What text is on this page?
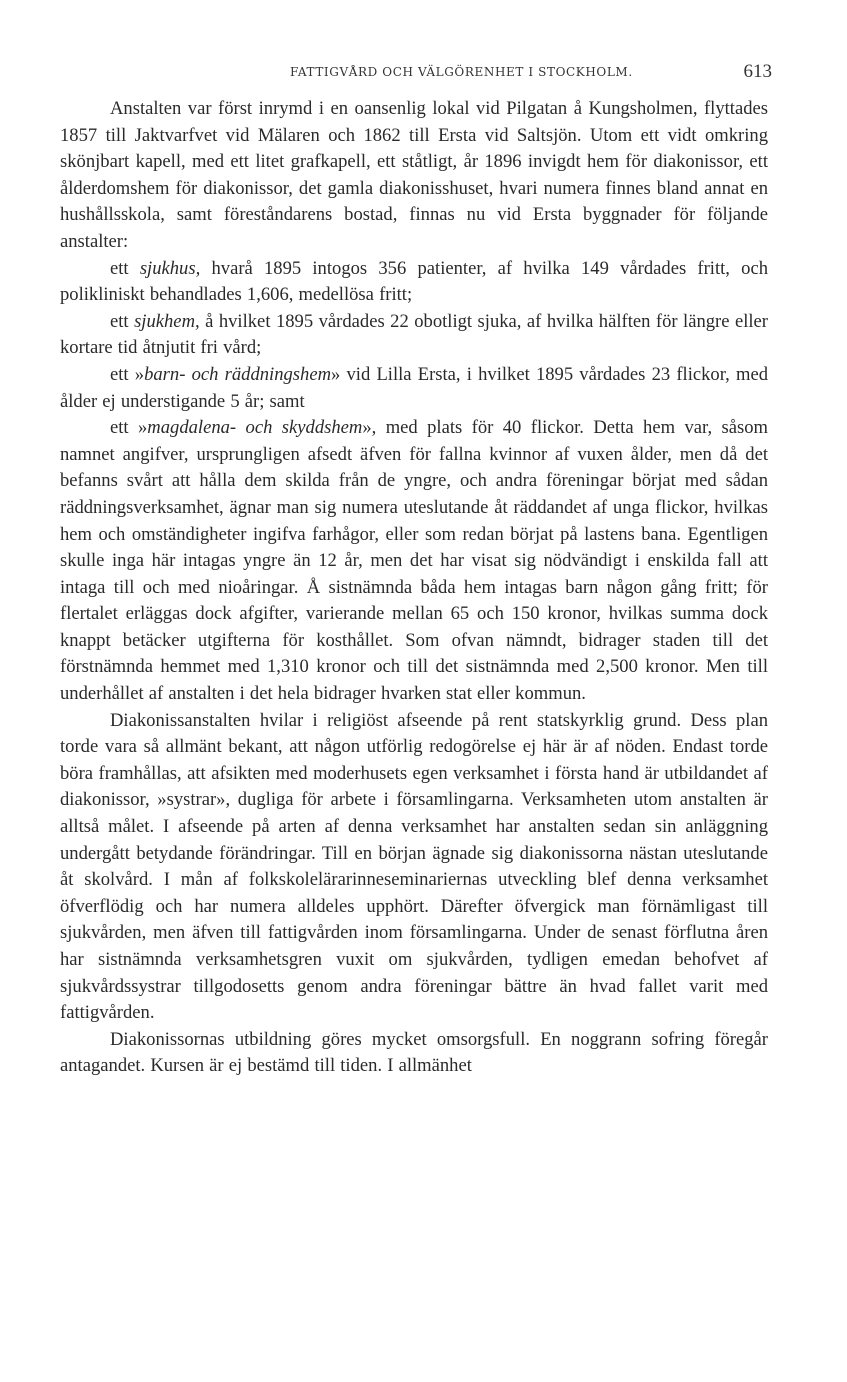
FATTIGVÅRD OCH VÄLGÖRENHET I STOCKHOLM.	613

Anstalten var först inrymd i en oansenlig lokal vid Pilgatan å Kungsholmen, flyttades 1857 till Jaktvarfvet vid Mälaren och 1862 till Ersta vid Saltsjön. Utom ett vidt omkring skönjbart kapell, med ett litet grafkapell, ett ståtligt, år 1896 invigdt hem för diakonissor, ett ålderdomshem för diakonissor, det gamla diakonisshuset, hvari numera finnes bland annat en hushållsskola, samt föreståndarens bostad, finnas nu vid Ersta byggnader för följande anstalter:

ett sjukhus, hvarå 1895 intogos 356 patienter, af hvilka 149 vårdades fritt, och polikliniskt behandlades 1,606, medellösa fritt;

ett sjukhem, å hvilket 1895 vårdades 22 obotligt sjuka, af hvilka hälften för längre eller kortare tid åtnjutit fri vård;

ett »barn- och räddningshem» vid Lilla Ersta, i hvilket 1895 vårdades 23 flickor, med ålder ej understigande 5 år; samt

ett »magdalena- och skyddshem», med plats för 40 flickor. Detta hem var, såsom namnet angifver, ursprungligen afsedt äfven för fallna kvinnor af vuxen ålder, men då det befanns svårt att hålla dem skilda från de yngre, och andra föreningar börjat med sådan räddningsverksamhet, ägnar man sig numera uteslutande åt räddandet af unga flickor, hvilkas hem och omständigheter ingifva farhågor, eller som redan börjat på lastens bana. Egentligen skulle inga här intagas yngre än 12 år, men det har visat sig nödvändigt i enskilda fall att intaga till och med nioåringar. Å sistnämnda båda hem intagas barn någon gång fritt; för flertalet erläggas dock afgifter, varierande mellan 65 och 150 kronor, hvilkas summa dock knappt betäcker utgifterna för kosthållet. Som ofvan nämndt, bidrager staden till det förstnämnda hemmet med 1,310 kronor och till det sistnämnda med 2,500 kronor. Men till underhållet af anstalten i det hela bidrager hvarken stat eller kommun.

Diakonissanstalten hvilar i religiöst afseende på rent statskyrklig grund. Dess plan torde vara så allmänt bekant, att någon utförlig redogörelse ej här är af nöden. Endast torde böra framhållas, att afsikten med moderhusets egen verksamhet i första hand är utbildandet af diakonissor, »systrar», dugliga för arbete i församlingarna. Verksamheten utom anstalten är alltså målet. I afseende på arten af denna verksamhet har anstalten sedan sin anläggning undergått betydande förändringar. Till en början ägnade sig diakonissorna nästan uteslutande åt skolvård. I mån af folkskolelärarinneseminariernas utveckling blef denna verksamhet öfverflödig och har numera alldeles upphört. Därefter öfvergick man förnämligast till sjukvården, men äfven till fattigvården inom församlingarna. Under de senast förflutna åren har sistnämnda verksamhetsgren vuxit om sjukvården, tydligen emedan behofvet af sjukvårdssystrar tillgodosetts genom andra föreningar bättre än hvad fallet varit med fattigvården.

Diakonissornas utbildning göres mycket omsorgsfull. En noggrann sofring föregår antagandet. Kursen är ej bestämd till tiden. I allmänhet
